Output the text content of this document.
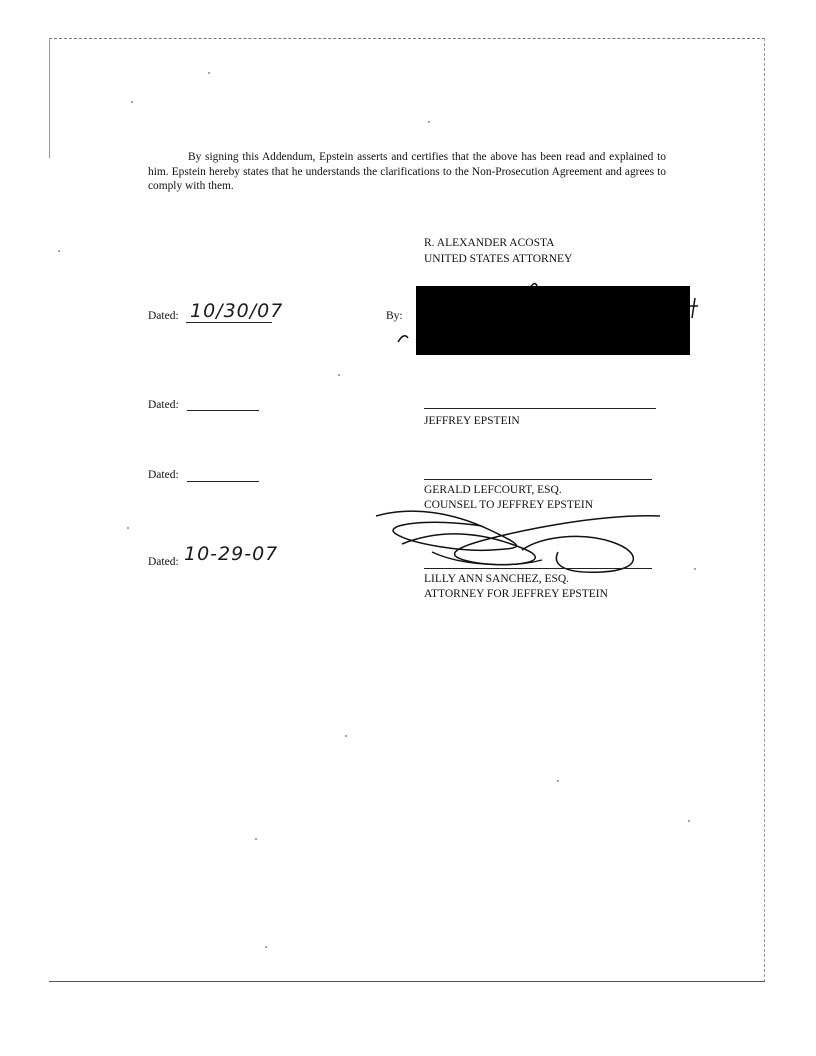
By signing this Addendum, Epstein asserts and certifies that the above has been read and explained to him. Epstein hereby states that he understands the clarifications to the Non-Prosecution Agreement and agrees to comply with them.

R. ALEXANDER ACOSTA
UNITED STATES ATTORNEY
Dated: 10/30/07	By:
Dated:
JEFFREY EPSTEIN
Dated:
GERALD LEFCOURT, ESQ.
COUNSEL TO JEFFREY EPSTEIN
Dated: 10-29-07
LILLY ANN SANCHEZ, ESQ.
ATTORNEY FOR JEFFREY EPSTEIN
